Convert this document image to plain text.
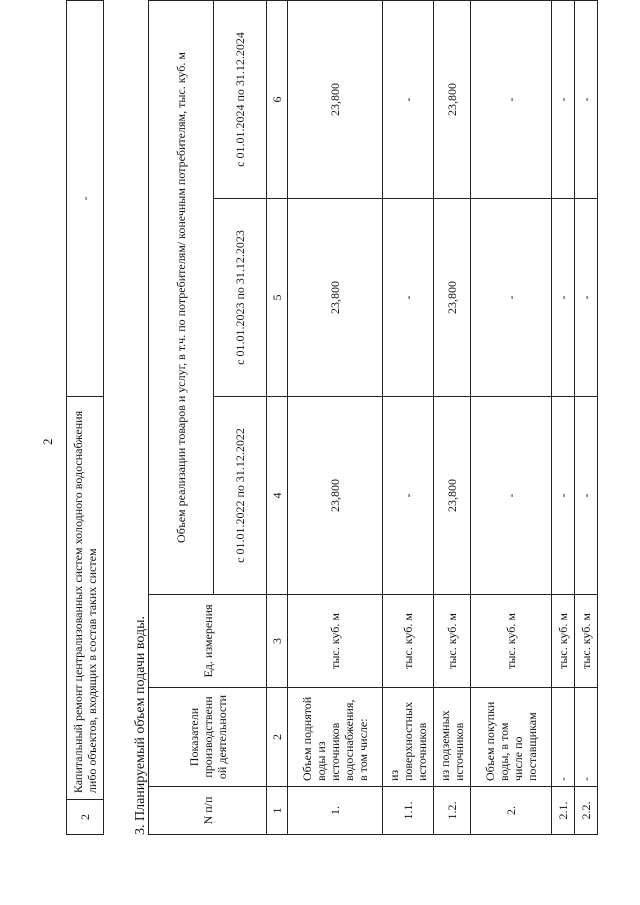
2
2	Капитальный ремонт централизованных систем холодного водоснабжения либо объектов, входящих в состав таких систем	-
3. Планируемый объем подачи воды.	N п/п	Показатели производственн ой деятельности	Ед. измерения	Объем реализации товаров и услуг, в т.ч. по потребителям/ конечным потребителям, тыс. куб. м		
			с 01.01.2022 по 31.12.2022	с 01.01.2023 по 31.12.2023	с 01.01.2024 по 31.12.2024
1	2	3	4	5	6
1.	Объем поднятой воды из источников водоснабжения, в том числе:	тыс. куб. м	23,800	23,800	23,800
1.1.	из поверхностных источников	тыс. куб. м	-	-	-
1.2.	из подземных источников	тыс. куб. м	23,800	23,800	23,800
2.	Объем покупки воды, в том числе по поставщикам	тыс. куб. м	-	-	-
2.1.	-	тыс. куб. м	-	-	-
2.2.	-	тыс. куб. м	-	-	-
